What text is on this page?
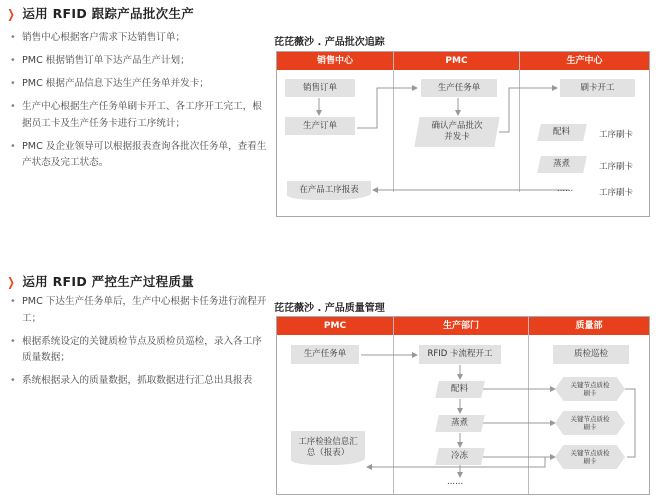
❯ 运用 RFID 跟踪产品批次生产
• 销售中心根据客户需求下达销售订单；
• PMC 根据销售订单下达产品生产计划；
• PMC 根据产品信息下达生产任务单并发卡；
• 生产中心根据生产任务单刷卡开工、各工序开工完工，根据员工卡及生产任务卡进行工序统计；
• PMC 及企业领导可以根据报表查询各批次任务单，查看生产状态及完工状态。
芘芘薇沙 . 产品批次追踪
销售中心	PMC	生产中心
销售订单
生产订单
在产品工序报表
生产任务单
确认产品批次并发卡
刷卡开工
配料	工序刷卡
蒸煮	工序刷卡
......	工序刷卡
❯ 运用 RFID 严控生产过程质量
• PMC 下达生产任务单后，生产中心根据卡任务进行流程开工；
• 根据系统设定的关键质检节点及质检员巡检，录入各工序质量数据；
• 系统根据录入的质量数据，抓取数据进行汇总出具报表
芘芘薇沙 . 产品质量管理
PMC	生产部门	质量部
生产任务单
工序检验信息汇总（报表）
RFID 卡流程开工
配料
蒸煮
冷冻
......
质检巡检
关键节点质检刷卡
关键节点质检刷卡
关键节点质检刷卡
